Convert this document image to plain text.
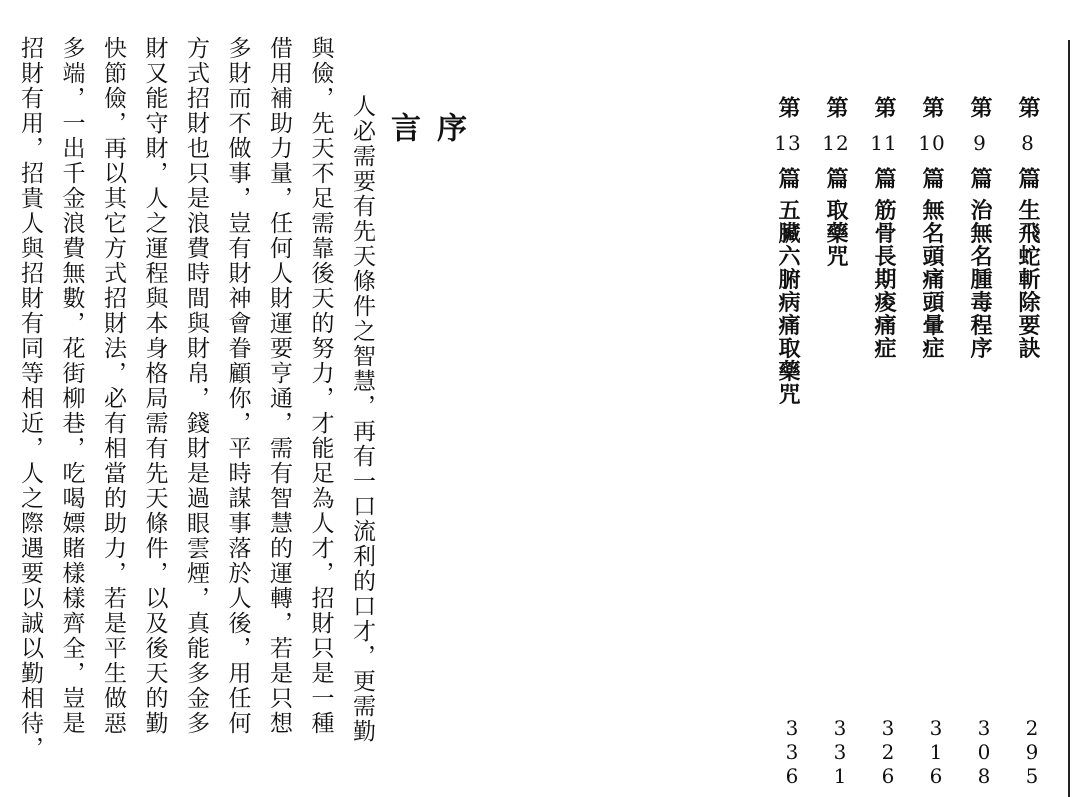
序 言
人必需要有先天條件之智慧，再有一口流利的口才，更需勤
與儉，先天不足需靠後天的努力，才能足為人才，招財只是一種
借用補助力量，任何人財運要亨通，需有智慧的運轉，若是只想
多財而不做事，豈有財神會眷顧你，平時謀事落於人後，用任何
方式招財也只是浪費時間與財帛，錢財是過眼雲煙，真能多金多
財又能守財，人之運程與本身格局需有先天條件，以及後天的勤
快節儉，再以其它方式招財法，必有相當的助力，若是平生做惡
多端，一出千金浪費無數，花街柳巷，吃喝嫖賭樣樣齊全，豈是
招財有用，招貴人與招財有同等相近，人之際遇要以誠以勤相待，	第8篇 生飛蛇斬除要訣
295
第9篇 治無名腫毒程序
308
第10篇 無名頭痛頭暈症
316
第11篇 筋骨長期痠痛症
326
第12篇 取藥咒
331
第13篇 五臟六腑病痛取藥咒
336
